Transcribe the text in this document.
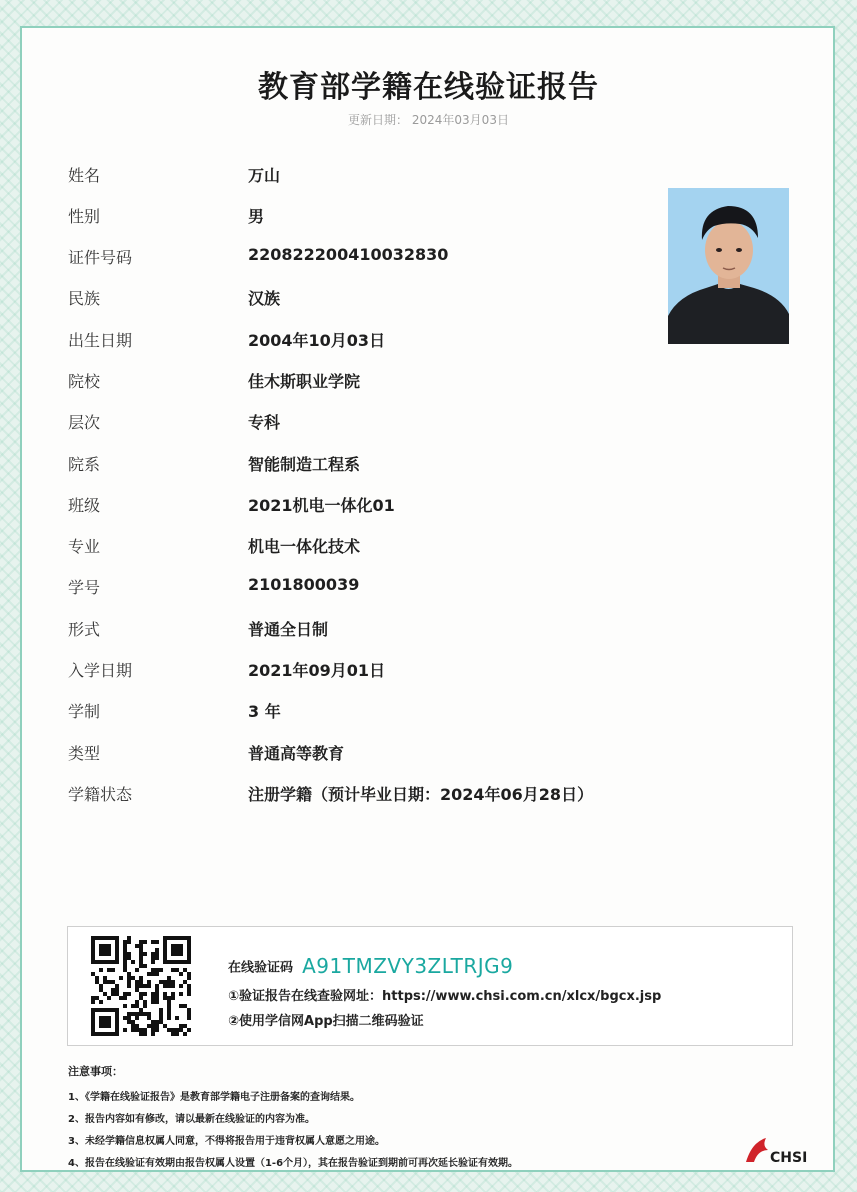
教育部学籍在线验证报告
更新日期： 2024年03月03日
姓名	万山
性别	男
证件号码	220822200410032830
民族	汉族
出生日期	2004年10月03日
院校	佳木斯职业学院
层次	专科
院系	智能制造工程系
班级	2021机电一体化01
专业	机电一体化技术
学号	2101800039
形式	普通全日制
入学日期	2021年09月01日
学制	3 年
类型	普通高等教育
学籍状态	注册学籍（预计毕业日期：2024年06月28日）
在线验证码 A91TMZVY3ZLTRJG9
①验证报告在线查验网址：https://www.chsi.com.cn/xlcx/bgcx.jsp
②使用学信网App扫描二维码验证
注意事项：
1、《学籍在线验证报告》是教育部学籍电子注册备案的查询结果。
2、报告内容如有修改，请以最新在线验证的内容为准。
3、未经学籍信息权属人同意，不得将报告用于违背权属人意愿之用途。
4、报告在线验证有效期由报告权属人设置（1-6个月），其在报告验证到期前可再次延长验证有效期。	CHSI
